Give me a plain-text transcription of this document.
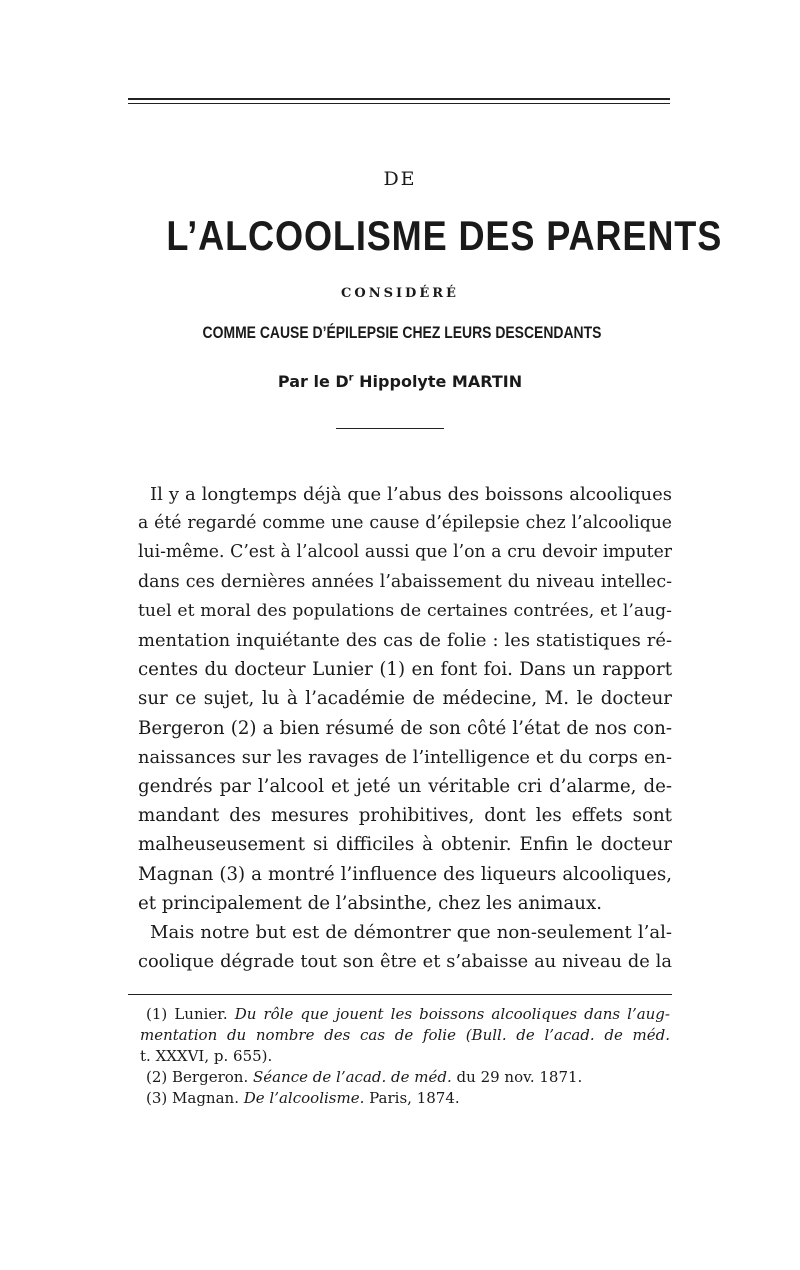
DE
L’ALCOOLISME DES PARENTS
CONSIDÉRÉ
COMME CAUSE D’ÉPILEPSIE CHEZ LEURS DESCENDANTS
Par le $D^r$ Hippolyte MARTIN
Il y a longtemps déjà que l’abus des boissons alcooliques
a été regardé comme une cause d’épilepsie chez l’alcoolique
lui-même. C’est à l’alcool aussi que l’on a cru devoir imputer
dans ces dernières années l’abaissement du niveau intellec-
tuel et moral des populations de certaines contrées, et l’aug-
mentation inquiétante des cas de folie : les statistiques ré-
centes du docteur Lunier (1) en font foi. Dans un rapport
sur ce sujet, lu à l’académie de médecine, M. le docteur
Bergeron (2) a bien résumé de son côté l’état de nos con-
naissances sur les ravages de l’intelligence et du corps en-
gendrés par l’alcool et jeté un véritable cri d’alarme, de-
mandant des mesures prohibitives, dont les effets sont
malheuseusement si difficiles à obtenir. Enfin le docteur
Magnan (3) a montré l’influence des liqueurs alcooliques,
et principalement de l’absinthe, chez les animaux.
Mais notre but est de démontrer que non-seulement l’al-
coolique dégrade tout son être et s’abaisse au niveau de la
(1) Lunier. Du rôle que jouent les boissons alcooliques dans l’aug-
mentation du nombre des cas de folie (Bull. de l’acad. de méd.
t. XXXVI, p. 655).
(2) Bergeron. Séance de l’acad. de méd. du 29 nov. 1871.
(3) Magnan. De l’alcoolisme. Paris, 1874.
